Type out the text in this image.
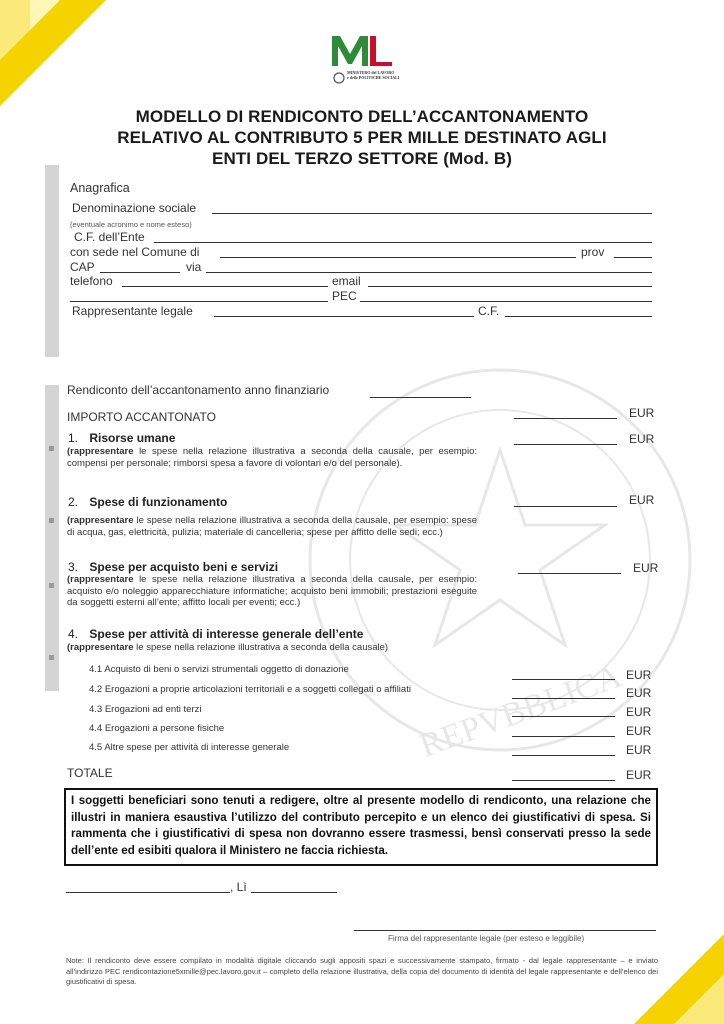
REPVBBLICA
MINISTERO del LAVORO
e delle POLITICHE SOCIALI
MODELLO DI RENDICONTO DELL’ACCANTONAMENTO
RELATIVO AL CONTRIBUTO 5 PER MILLE DESTINATO AGLI
ENTI DEL TERZO SETTORE (Mod. B)
Anagrafica
Denominazione sociale
(eventuale acronimo e nome esteso)
C.F. dell’Ente
con sede nel Comune di	prov
CAP	via
telefono	email
PEC
Rappresentante legale	C.F.
Rendiconto dell’accantonamento anno finanziario
IMPORTO ACCANTONATO	EUR
1. Risorse umane	EUR
(rappresentare le spese nella relazione illustrativa a seconda della causale, per esempio: compensi per personale; rimborsi spesa a favore di volontari e/o del personale).
2. Spese di funzionamento	EUR
(rappresentare le spese nella relazione illustrativa a seconda della causale, per esempio: spese di acqua, gas, elettricità, pulizia; materiale di cancelleria; spese per affitto delle sedi; ecc.)
3. Spese per acquisto beni e servizi	EUR
(rappresentare le spese nella relazione illustrativa a seconda della causale, per esempio: acquisto e/o noleggio apparecchiature informatiche; acquisto beni immobili; prestazioni eseguite da soggetti esterni all’ente; affitto locali per eventi; ecc.)
4. Spese per attività di interesse generale dell’ente
(rappresentare le spese nella relazione illustrativa a seconda della causale)
4.1 Acquisto di beni o servizi strumentali oggetto di donazione	EUR
4.2 Erogazioni a proprie articolazioni territoriali e a soggetti collegati o affiliati	EUR
4.3 Erogazioni ad enti terzi	EUR
4.4 Erogazioni a persone fisiche	EUR
4.5 Altre spese per attività di interesse generale	EUR
TOTALE	EUR
I soggetti beneficiari sono tenuti a redigere, oltre al presente modello di rendiconto, una relazione che illustri in maniera esaustiva l’utilizzo del contributo percepito e un elenco dei giustificativi di spesa. Si rammenta che i giustificativi di spesa non dovranno essere trasmessi, bensì conservati presso la sede dell’ente ed esibiti qualora il Ministero ne faccia richiesta.
, Lì
Firma del rappresentante legale (per esteso e leggibile)
Note: Il rendiconto deve essere compilato in modalità digitale cliccando sugli appositi spazi e successivamente stampato, firmato - dal legale rappresentante – e inviato all’indirizzo PEC rendicontazione5xmille@pec.lavoro.gov.it – completo della relazione illustrativa, della copia del documento di identità del legale rappresentante e dell’elenco dei giustificativi di spesa.
